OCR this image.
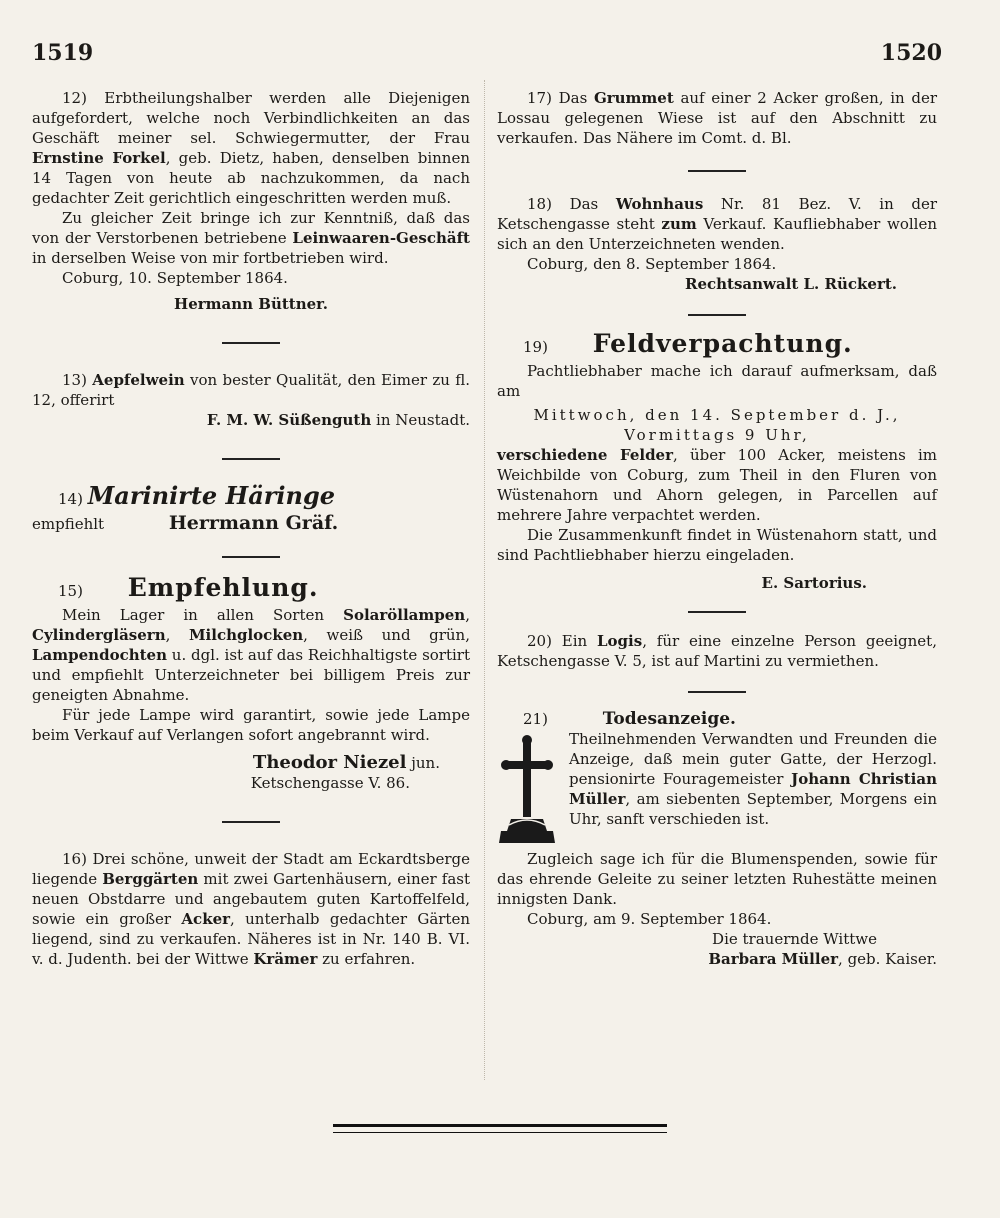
1519	1520

12) Erbtheilungshalber werden alle Diejenigen aufgefordert, welche noch Verbindlichkeiten an das Geschäft meiner sel. Schwiegermutter, der Frau Ernstine Forkel, geb. Dietz, haben, denselben binnen 14 Tagen von heute ab nachzukommen, da nach gedachter Zeit gerichtlich eingeschritten werden muß.

Zu gleicher Zeit bringe ich zur Kenntniß, daß das von der Verstorbenen betriebene Leinwaaren-Geschäft in derselben Weise von mir fortbetrieben wird.

Coburg, 10. September 1864.

Hermann Büttner.

13) Aepfelwein von bester Qualität, den Eimer zu fl. 12, offerirt

F. M. W. Süßenguth in Neustadt.

14) Marinirte Häringe

empfiehlt	Herrmann Gräf.

15) Empfehlung.

Mein Lager in allen Sorten Solaröllampen, Cylindergläsern, Milchglocken, weiß und grün, Lampendochten u. dgl. ist auf das Reichhaltigste sortirt und empfiehlt Unterzeichneter bei billigem Preis zur geneigten Abnahme.

Für jede Lampe wird garantirt, sowie jede Lampe beim Verkauf auf Verlangen sofort angebrannt wird.

Theodor Niezel jun.

Ketschengasse V. 86.

16) Drei schöne, unweit der Stadt am Eckardtsberge liegende Berggärten mit zwei Gartenhäusern, einer fast neuen Obstdarre und angebautem guten Kartoffelfeld, sowie ein großer Acker, unterhalb gedachter Gärten liegend, sind zu verkaufen. Näheres ist in Nr. 140 B. VI. v. d. Judenth. bei der Wittwe Krämer zu erfahren.

17) Das Grummet auf einer 2 Acker großen, in der Lossau gelegenen Wiese ist auf den Abschnitt zu verkaufen. Das Nähere im Comt. d. Bl.

18) Das Wohnhaus Nr. 81 Bez. V. in der Ketschengasse steht zum Verkauf. Kaufliebhaber wollen sich an den Unterzeichneten wenden.

Coburg, den 8. September 1864.

Rechtsanwalt L. Rückert.

19) Feldverpachtung.

Pachtliebhaber mache ich darauf aufmerksam, daß am

Mittwoch, den 14. September d. J.,

Vormittags 9 Uhr,

verschiedene Felder, über 100 Acker, meistens im Weichbilde von Coburg, zum Theil in den Fluren von Wüstenahorn und Ahorn gelegen, in Parcellen auf mehrere Jahre verpachtet werden.

Die Zusammenkunft findet in Wüstenahorn statt, und sind Pachtliebhaber hierzu eingeladen.

E. Sartorius.

20) Ein Logis, für eine einzelne Person geeignet, Ketschengasse V. 5, ist auf Martini zu vermiethen.

21)	Todesanzeige.

Theilnehmenden Verwandten und Freunden die Anzeige, daß mein guter Gatte, der Herzogl. pensionirte Fouragemeister Johann Christian Müller, am siebenten September, Morgens ein Uhr, sanft verschieden ist.

Zugleich sage ich für die Blumenspenden, sowie für das ehrende Geleite zu seiner letzten Ruhestätte meinen innigsten Dank.

Coburg, am 9. September 1864.

Die trauernde Wittwe

Barbara Müller, geb. Kaiser.
